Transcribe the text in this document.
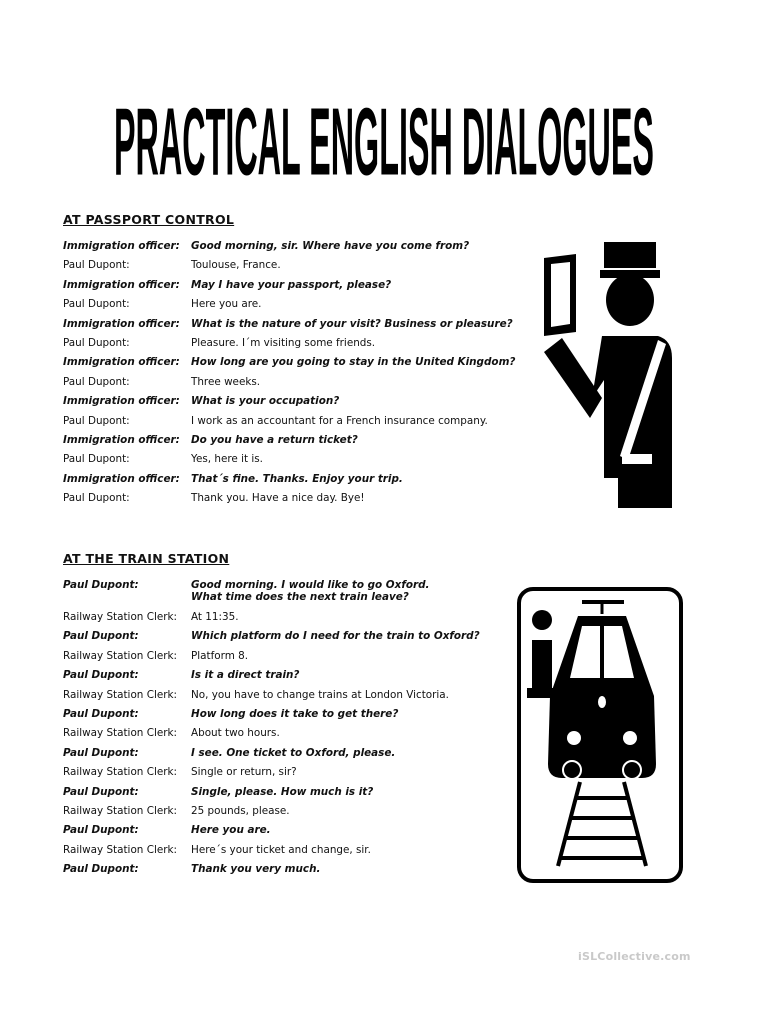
PRACTICAL ENGLISH DIALOGUES
AT PASSPORT CONTROL
Immigration officer:	Good morning, sir. Where have you come from?
Paul Dupont:	Toulouse, France.
Immigration officer:	May I have your passport, please?
Paul Dupont:	Here you are.
Immigration officer:	What is the nature of your visit? Business or pleasure?
Paul Dupont:	Pleasure. I´m visiting some friends.
Immigration officer:	How long are you going to stay in the United Kingdom?
Paul Dupont:	Three weeks.
Immigration officer:	What is your occupation?
Paul Dupont:	I work as an accountant for a French insurance company.
Immigration officer:	Do you have a return ticket?
Paul Dupont:	Yes, here it is.
Immigration officer:	That´s fine. Thanks. Enjoy your trip.
Paul Dupont:	Thank you. Have a nice day. Bye!
AT THE TRAIN STATION
Paul Dupont:	Good morning. I would like to go Oxford.
What time does the next train leave?
Railway Station Clerk:	At 11:35.
Paul Dupont:	Which platform do I need for the train to Oxford?
Railway Station Clerk:	Platform 8.
Paul Dupont:	Is it a direct train?
Railway Station Clerk:	No, you have to change trains at London Victoria.
Paul Dupont:	How long does it take to get there?
Railway Station Clerk:	About two hours.
Paul Dupont:	I see. One ticket to Oxford, please.
Railway Station Clerk:	Single or return, sir?
Paul Dupont:	Single, please. How much is it?
Railway Station Clerk:	25 pounds, please.
Paul Dupont:	Here you are.
Railway Station Clerk:	Here´s your ticket and change, sir.
Paul Dupont:	Thank you very much.
iSLCollective.com
